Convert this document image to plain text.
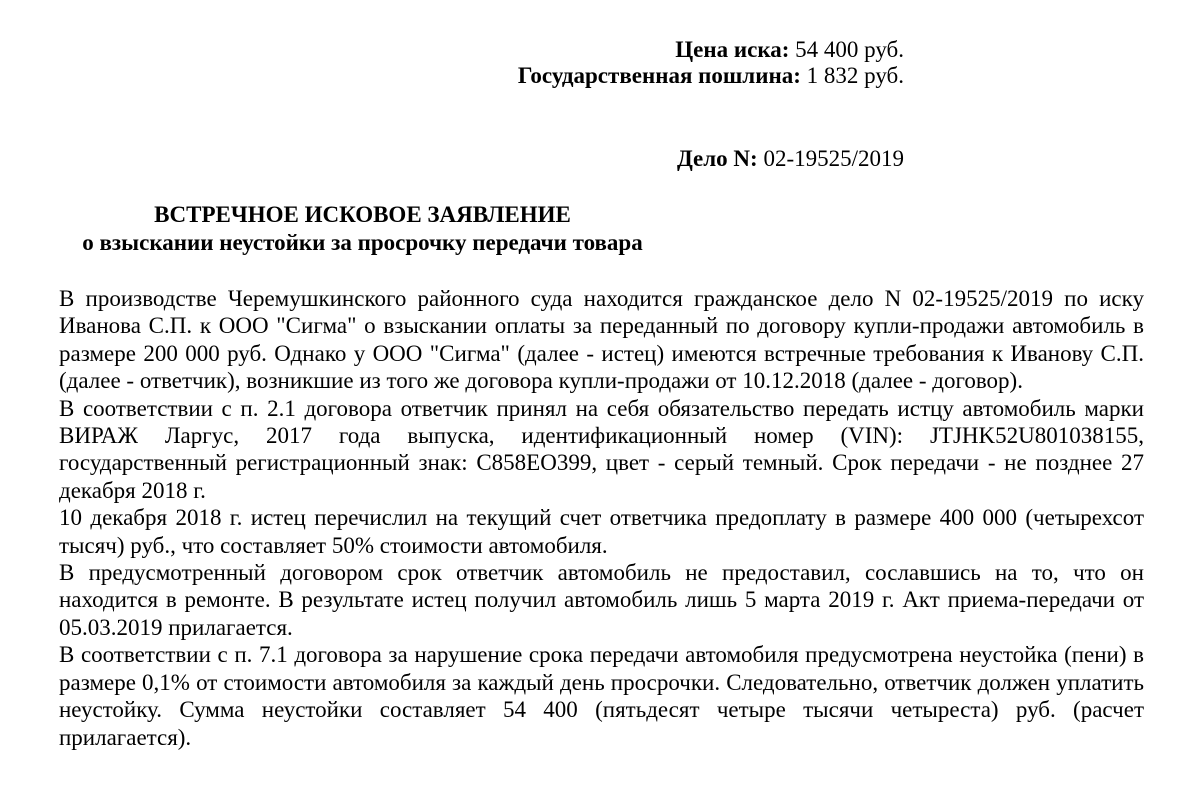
Цена иска: 54 400 руб.
Государственная пошлина: 1 832 руб.
Дело N: 02-19525/2019
ВСТРЕЧНОЕ ИСКОВОЕ ЗАЯВЛЕНИЕ
о взыскании неустойки за просрочку передачи товара

В производстве Черемушкинского районного суда находится гражданское дело N 02-19525/2019 по иску Иванова С.П. к ООО "Сигма" о взыскании оплаты за переданный по договору купли-продажи автомобиль в размере 200 000 руб. Однако у ООО "Сигма" (далее - истец) имеются встречные требования к Иванову С.П. (далее - ответчик), возникшие из того же договора купли-продажи от 10.12.2018 (далее - договор).

В соответствии с п. 2.1 договора ответчик принял на себя обязательство передать истцу автомобиль марки ВИРАЖ Ларгус, 2017 года выпуска, идентификационный номер (VIN): JTJHK52U801038155, государственный регистрационный знак: С858ЕО399, цвет - серый темный. Срок передачи - не позднее 27 декабря 2018 г.

10 декабря 2018 г. истец перечислил на текущий счет ответчика предоплату в размере 400 000 (четырехсот тысяч) руб., что составляет 50% стоимости автомобиля.

В предусмотренный договором срок ответчик автомобиль не предоставил, сославшись на то, что он находится в ремонте. В результате истец получил автомобиль лишь 5 марта 2019 г. Акт приема-передачи от 05.03.2019 прилагается.

В соответствии с п. 7.1 договора за нарушение срока передачи автомобиля предусмотрена неустойка (пени) в размере 0,1% от стоимости автомобиля за каждый день просрочки. Следовательно, ответчик должен уплатить неустойку. Сумма неустойки составляет 54 400 (пятьдесят четыре тысячи четыреста) руб. (расчет прилагается).
